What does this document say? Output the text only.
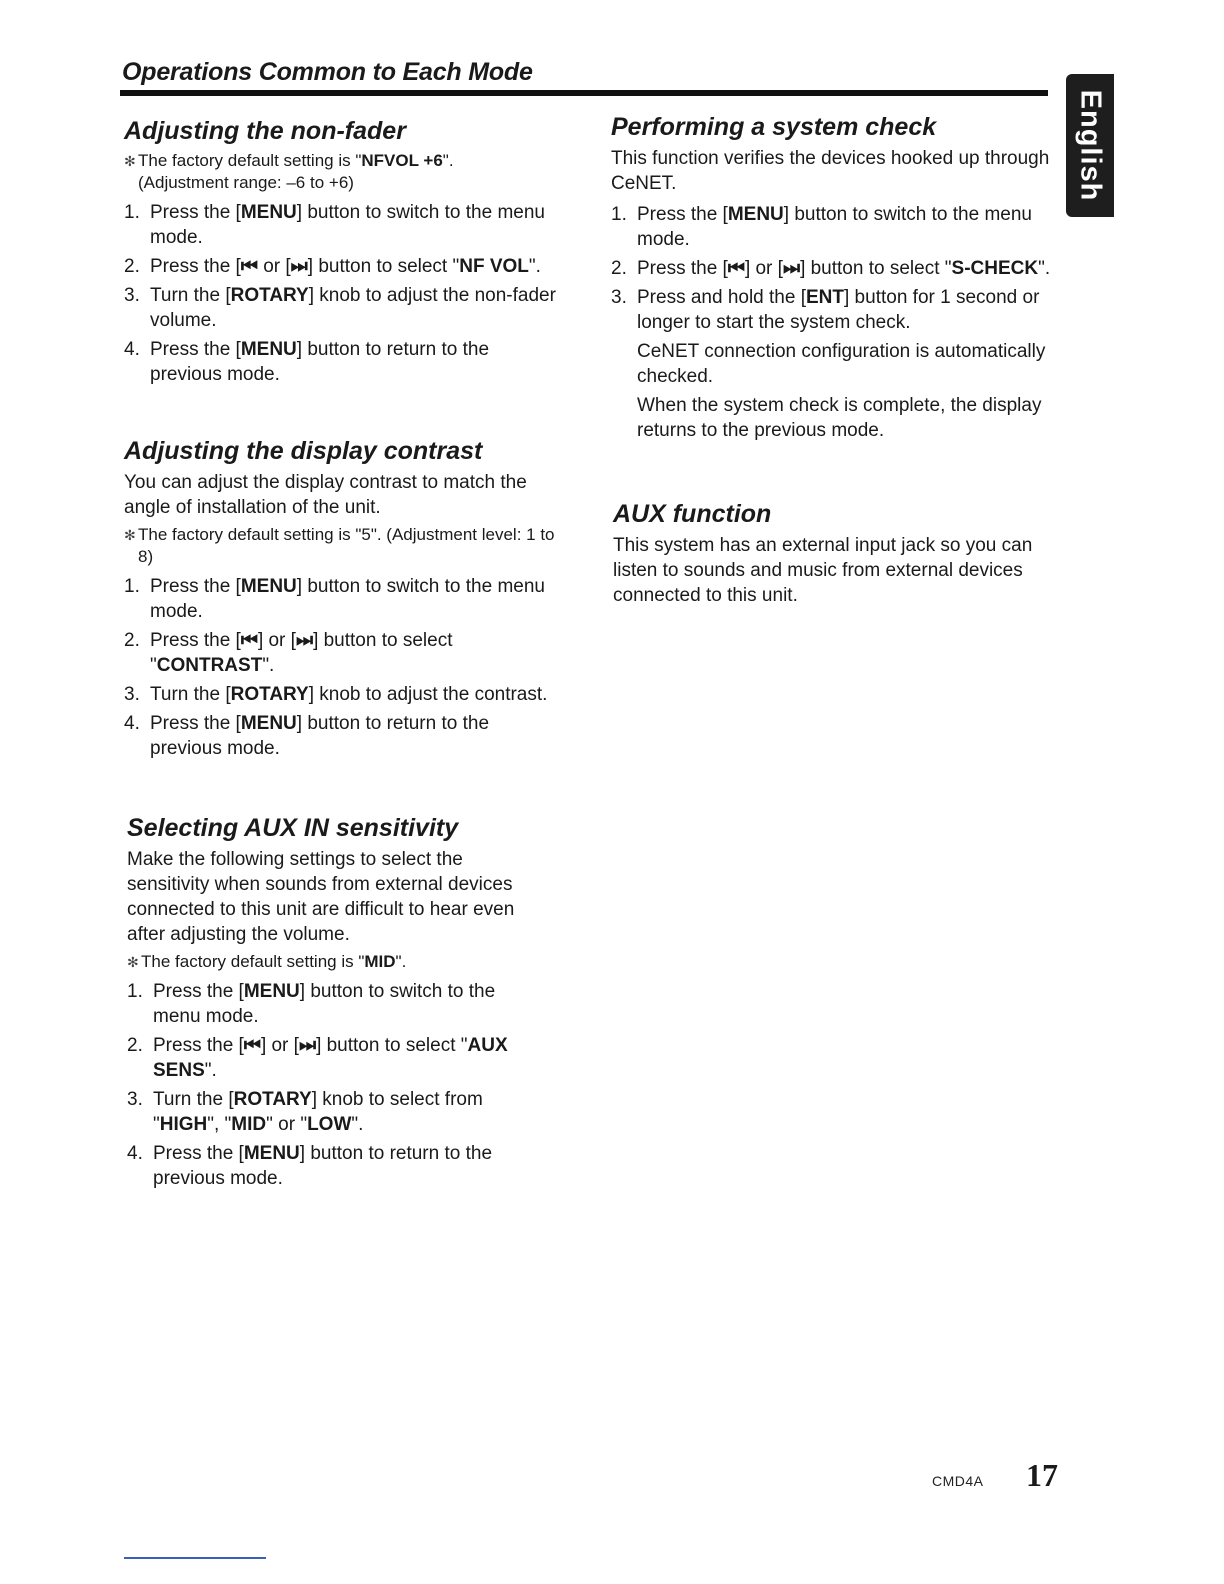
Operations Common to Each Mode
English
Adjusting the non-fader
✻ The factory default setting is "NFVOL +6".
(Adjustment range: –6 to +6)
1. Press the [MENU] button to switch to the menu mode.

2. Press the [⏮ or [⏭] button to select "NF VOL".

3. Turn the [ROTARY] knob to adjust the non-fader volume.

4. Press the [MENU] button to return to the previous mode.

Adjusting the display contrast

You can adjust the display contrast to match the angle of installation of the unit.

✻ The factory default setting is "5". (Adjustment level: 1 to 8)
1. Press the [MENU] button to switch to the menu mode.

2. Press the [⏮] or [⏭] button to select "CONTRAST".

3. Turn the [ROTARY] knob to adjust the contrast.

4. Press the [MENU] button to return to the previous mode.

Selecting AUX IN sensitivity

Make the following settings to select the sensitivity when sounds from external devices connected to this unit are difficult to hear even after adjusting the volume.

✻ The factory default setting is "MID".
1. Press the [MENU] button to switch to the menu mode.

2. Press the [⏮] or [⏭] button to select "AUX SENS".

3. Turn the [ROTARY] knob to select from "HIGH", "MID" or "LOW".

4. Press the [MENU] button to return to the previous mode.

Performing a system check

This function verifies the devices hooked up through CeNET.

1. Press the [MENU] button to switch to the menu mode.

2. Press the [⏮] or [⏭] button to select "S-CHECK".

3. Press and hold the [ENT] button for 1 second or longer to start the system check.

CeNET connection configuration is automatically checked.

When the system check is complete, the display returns to the previous mode.

AUX function

This system has an external input jack so you can listen to sounds and music from external devices connected to this unit.

CMD4A 17
